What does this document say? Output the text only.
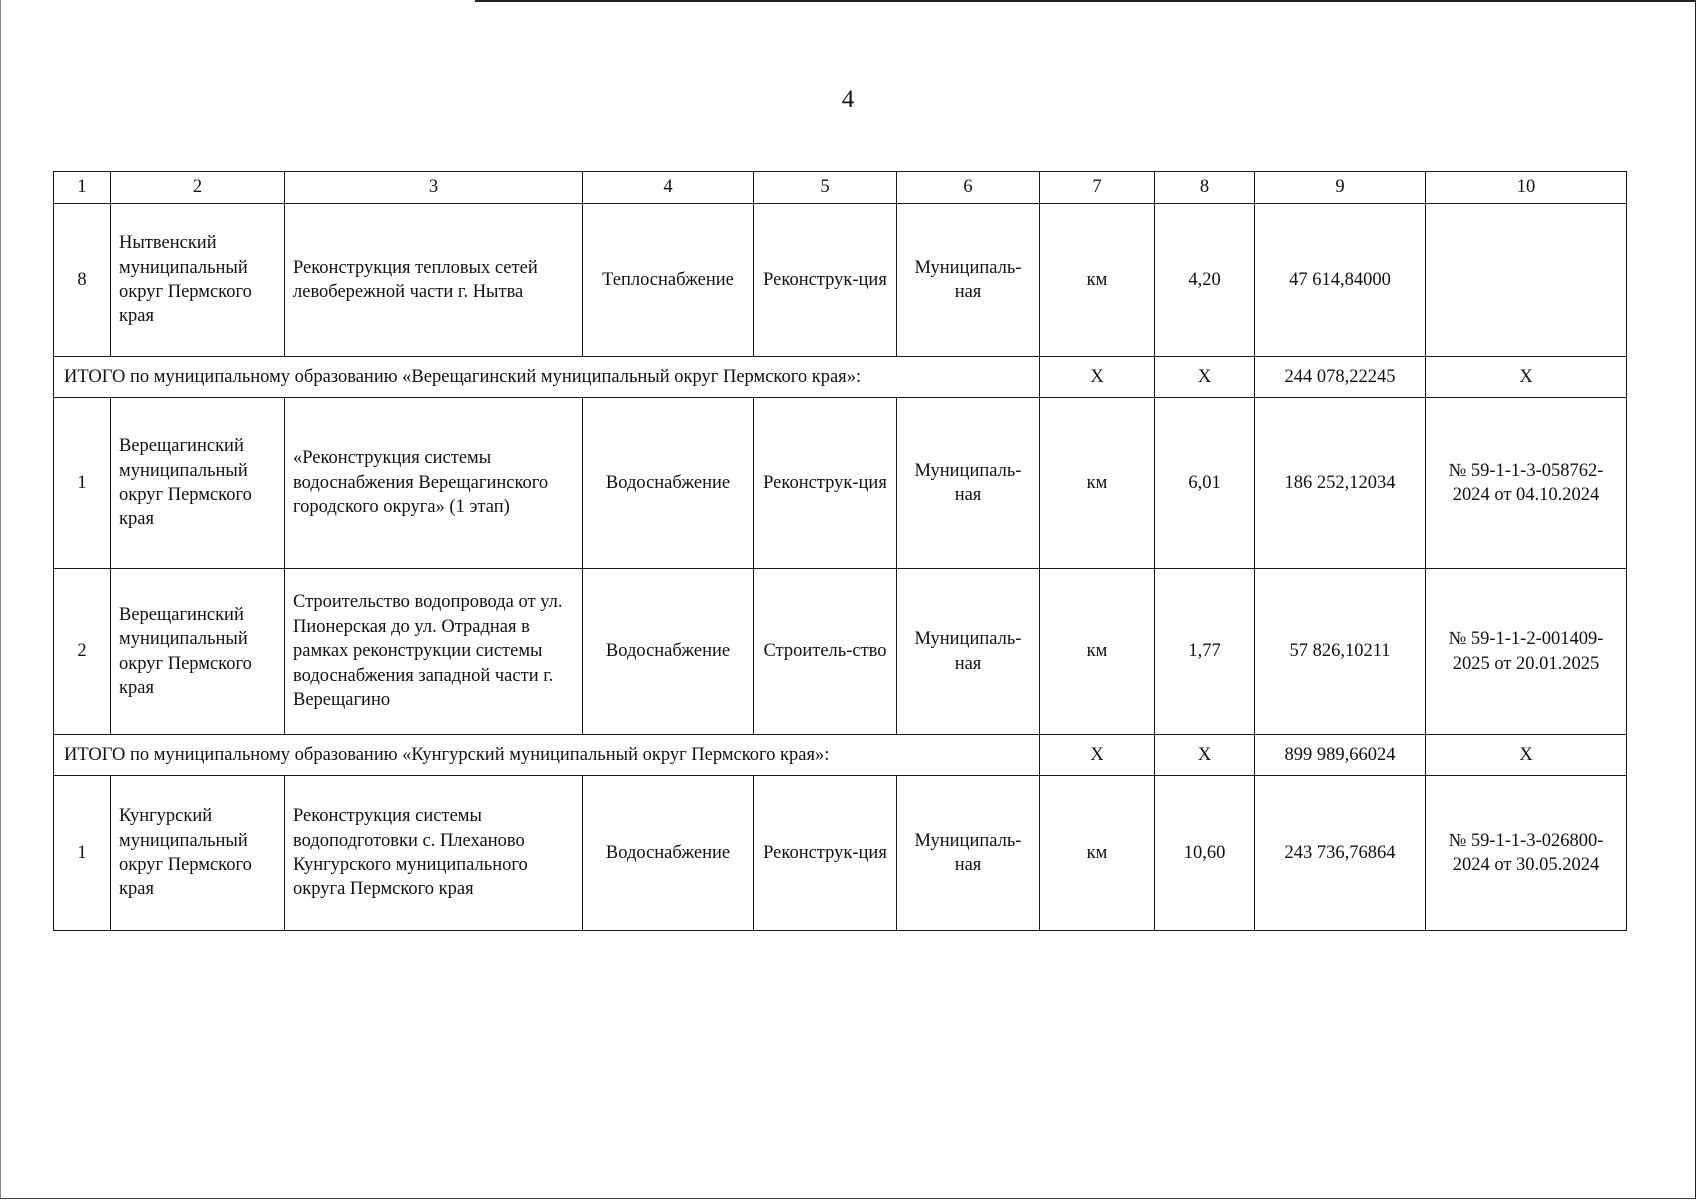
4
1	2	3	4	5	6	7	8	9	10
8	Нытвенский муниципальный округ Пермского края	Реконструкция тепловых сетей левобережной части г. Нытва	Теплоснабжение	Реконструк-ция	Муниципаль-ная	км	4,20	47 614,84000	
ИТОГО по муниципальному образованию «Верещагинский муниципальный округ Пермского края»:						Х	Х	244 078,22245	Х
1	Верещагинский муниципальный округ Пермского края	«Реконструкция системы водоснабжения Верещагинского городского округа» (1 этап)	Водоснабжение	Реконструк-ция	Муниципаль-ная	км	6,01	186 252,12034	№ 59-1-1-3-058762-2024 от 04.10.2024
2	Верещагинский муниципальный округ Пермского края	Строительство водопровода от ул. Пионерская до ул. Отрадная в рамках реконструкции системы водоснабжения западной части г. Верещагино	Водоснабжение	Строитель-ство	Муниципаль-ная	км	1,77	57 826,10211	№ 59-1-1-2-001409-2025 от 20.01.2025
ИТОГО по муниципальному образованию «Кунгурский муниципальный округ Пермского края»:						Х	Х	899 989,66024	Х
1	Кунгурский муниципальный округ Пермского края	Реконструкция системы водоподготовки с. Плеханово Кунгурского муниципального округа Пермского края	Водоснабжение	Реконструк-ция	Муниципаль-ная	км	10,60	243 736,76864	№ 59-1-1-3-026800-2024 от 30.05.2024
